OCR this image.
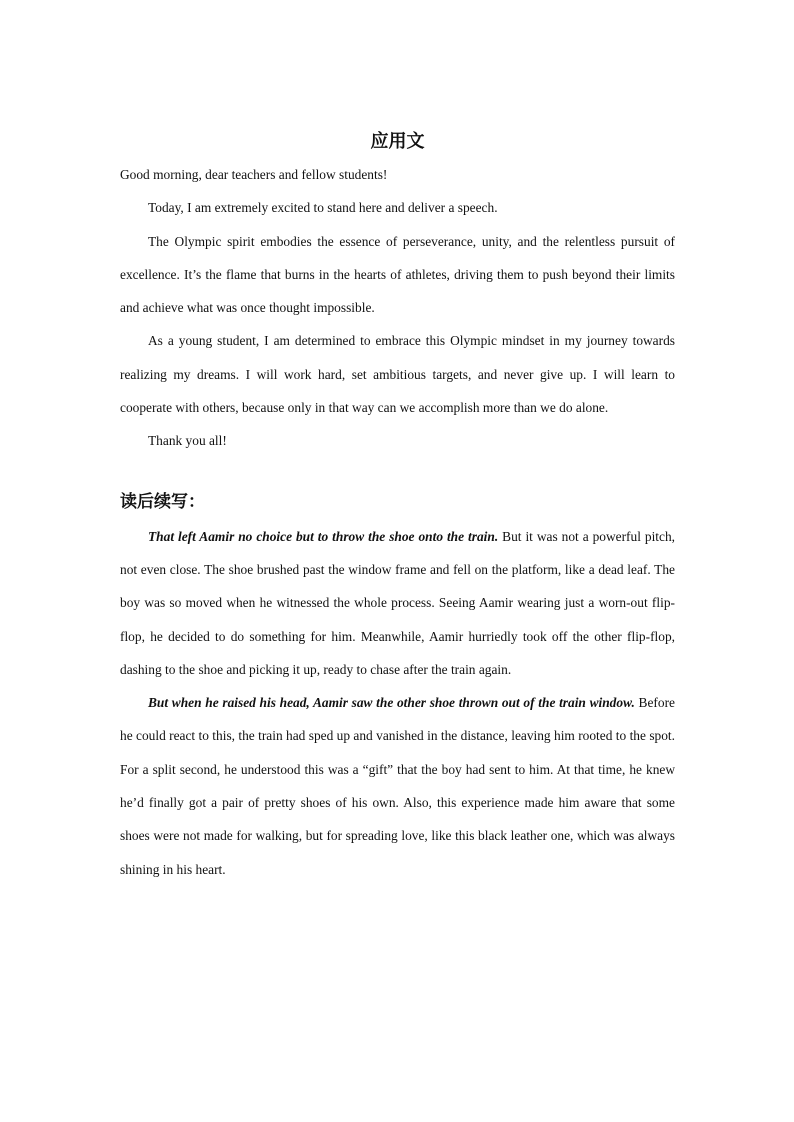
应用文

Good morning, dear teachers and fellow students!

Today, I am extremely excited to stand here and deliver a speech.

The Olympic spirit embodies the essence of perseverance, unity, and the relentless pursuit of excellence. It’s the flame that burns in the hearts of athletes, driving them to push beyond their limits and achieve what was once thought impossible.

As a young student, I am determined to embrace this Olympic mindset in my journey towards realizing my dreams. I will work hard, set ambitious targets, and never give up. I will learn to cooperate with others, because only in that way can we accomplish more than we do alone.

Thank you all!

读后续写：

That left Aamir no choice but to throw the shoe onto the train. But it was not a powerful pitch, not even close. The shoe brushed past the window frame and fell on the platform, like a dead leaf. The boy was so moved when he witnessed the whole process. Seeing Aamir wearing just a worn-out flip-flop, he decided to do something for him. Meanwhile, Aamir hurriedly took off the other flip-flop, dashing to the shoe and picking it up, ready to chase after the train again.

But when he raised his head, Aamir saw the other shoe thrown out of the train window. Before he could react to this, the train had sped up and vanished in the distance, leaving him rooted to the spot. For a split second, he understood this was a “gift” that the boy had sent to him. At that time, he knew he’d finally got a pair of pretty shoes of his own. Also, this experience made him aware that some shoes were not made for walking, but for spreading love, like this black leather one, which was always shining in his heart.
